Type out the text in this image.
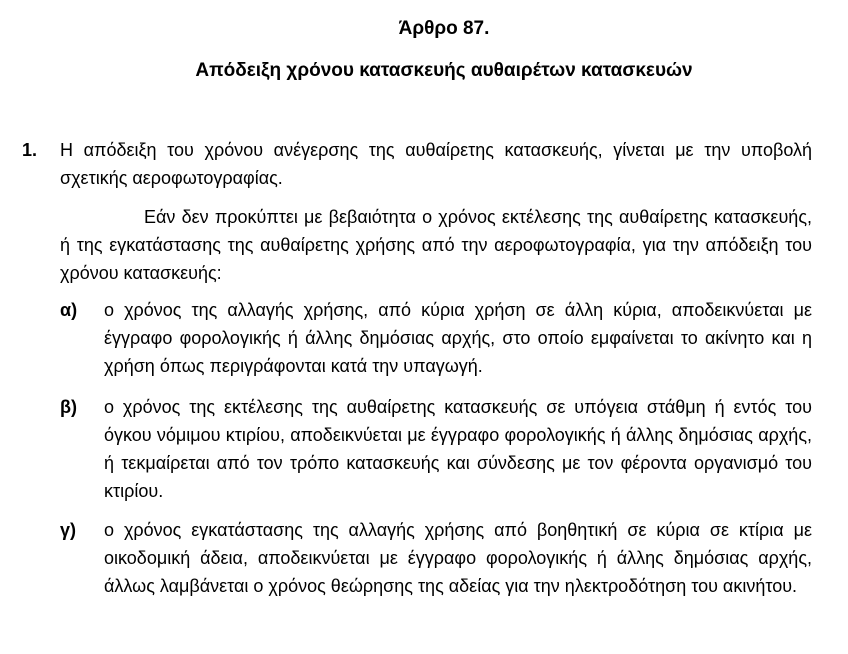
Άρθρο 87.
Απόδειξη χρόνου κατασκευής αυθαιρέτων κατασκευών
1. Η απόδειξη του χρόνου ανέγερσης της αυθαίρετης κατασκευής, γίνεται με την υποβολή σχετικής αεροφωτογραφίας.

Εάν δεν προκύπτει με βεβαιότητα ο χρόνος εκτέλεσης της αυθαίρετης κατασκευής, ή της εγκατάστασης της αυθαίρετης χρήσης από την αεροφωτογραφία, για την απόδειξη του χρόνου κατασκευής:

α) ο χρόνος της αλλαγής χρήσης, από κύρια χρήση σε άλλη κύρια, αποδεικνύεται με έγγραφο φορολογικής ή άλλης δημόσιας αρχής, στο οποίο εμφαίνεται το ακίνητο και η χρήση όπως περιγράφονται κατά την υπαγωγή.

β) ο χρόνος της εκτέλεσης της αυθαίρετης κατασκευής σε υπόγεια στάθμη ή εντός του όγκου νόμιμου κτιρίου, αποδεικνύεται με έγγραφο φορολογικής ή άλλης δημόσιας αρχής, ή τεκμαίρεται από τον τρόπο κατασκευής και σύνδεσης με τον φέροντα οργανισμό του κτιρίου.

γ) ο χρόνος εγκατάστασης της αλλαγής χρήσης από βοηθητική σε κύρια σε κτίρια με οικοδομική άδεια, αποδεικνύεται με έγγραφο φορολογικής ή άλλης δημόσιας αρχής, άλλως λαμβάνεται ο χρόνος θεώρησης της αδείας για την ηλεκτροδότηση του ακινήτου.
